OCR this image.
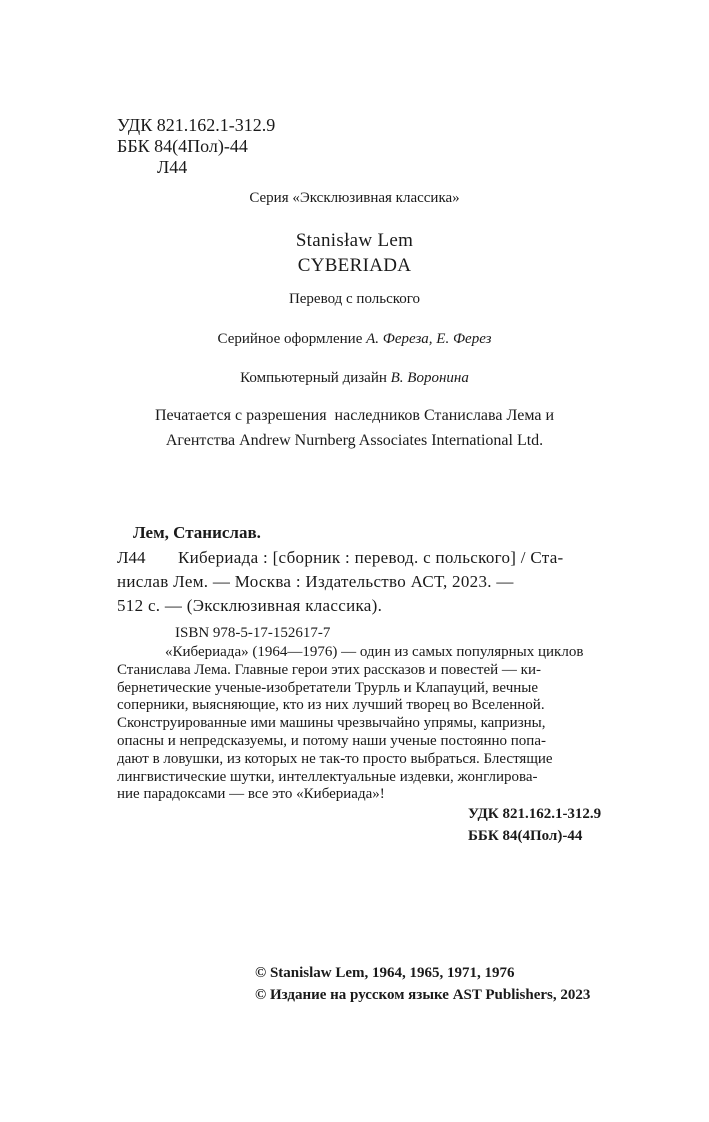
УДК 821.162.1-312.9
ББК 84(4Пол)-44
Л44
Серия «Эксклюзивная классика»
Stanisław Lem
CYBERIADA
Перевод с польского
Серийное оформление А. Фереза, Е. Ферез
Компьютерный дизайн В. Воронина
Печатается с разрешения  наследников Станислава Лема и
Агентства Andrew Nurnberg Associates International Ltd.
Лем, Станислав.
Л44 Кибериада : [сборник : перевод. с польского] / Ста-
нислав Лем. — Москва : Издательство АСТ, 2023. —
512 с. — (Эксклюзивная классика).
ISBN 978-5-17-152617-7
«Кибериада» (1964—1976) — один из самых популярных циклов
Станислава Лема. Главные герои этих рассказов и повестей — ки-
бернетические ученые-изобретатели Трурль и Клапауций, вечные
соперники, выясняющие, кто из них лучший творец во Вселенной.
Сконструированные ими машины чрезвычайно упрямы, капризны,
опасны и непредсказуемы, и потому наши ученые постоянно попа-
дают в ловушки, из которых не так-то просто выбраться. Блестящие
лингвистические шутки, интеллектуальные издевки, жонглирова-
ние парадоксами — все это «Кибериада»!
УДК 821.162.1-312.9
ББК 84(4Пол)-44
© Stanislaw Lem, 1964, 1965, 1971, 1976
© Издание на русском языке AST Publishers, 2023
